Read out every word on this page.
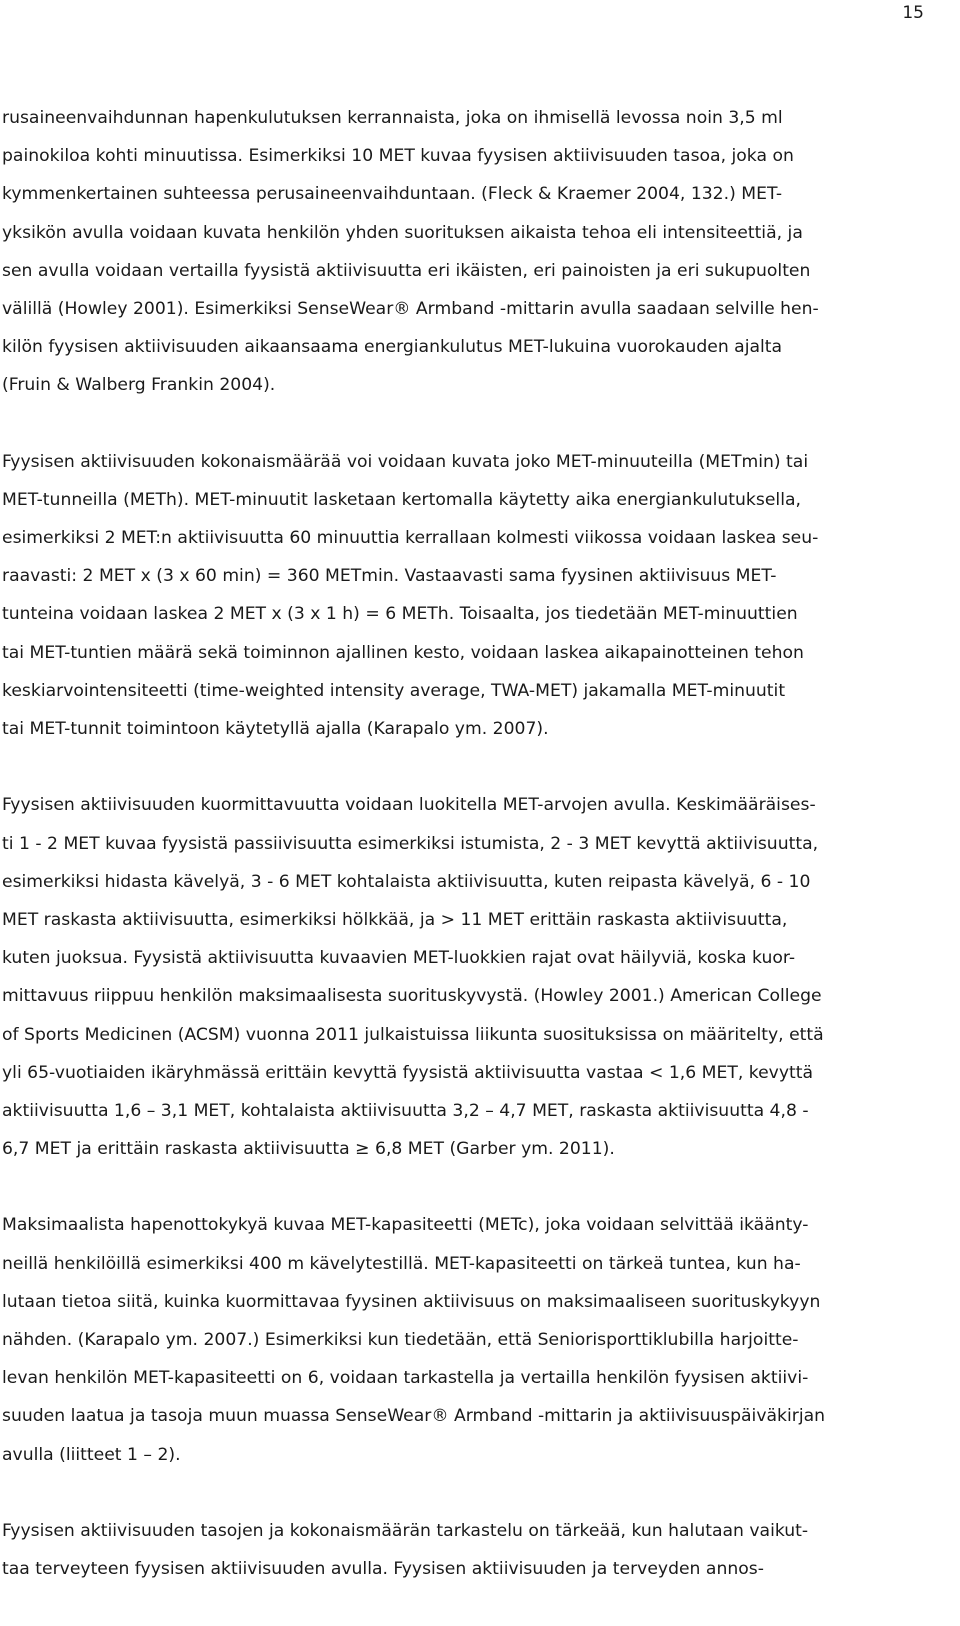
15

rusaineenvaihdunnan hapenkulutuksen kerrannaista, joka on ihmisellä levossa noin 3,5 ml
painokiloa kohti minuutissa. Esimerkiksi 10 MET kuvaa fyysisen aktiivisuuden tasoa, joka on
kymmenkertainen suhteessa perusaineenvaihduntaan. (Fleck & Kraemer 2004, 132.) MET-
yksikön avulla voidaan kuvata henkilön yhden suorituksen aikaista tehoa eli intensiteettiä, ja
sen avulla voidaan vertailla fyysistä aktiivisuutta eri ikäisten, eri painoisten ja eri sukupuolten
välillä (Howley 2001). Esimerkiksi SenseWear® Armband -mittarin avulla saadaan selville hen-
kilön fyysisen aktiivisuuden aikaansaama energiankulutus MET-lukuina vuorokauden ajalta
(Fruin & Walberg Frankin 2004).

Fyysisen aktiivisuuden kokonaismäärää voi voidaan kuvata joko MET-minuuteilla (METmin) tai
MET-tunneilla (METh). MET-minuutit lasketaan kertomalla käytetty aika energiankulutuksella,
esimerkiksi 2 MET:n aktiivisuutta 60 minuuttia kerrallaan kolmesti viikossa voidaan laskea seu-
raavasti: 2 MET x (3 x 60 min) = 360 METmin. Vastaavasti sama fyysinen aktiivisuus MET-
tunteina voidaan laskea 2 MET x (3 x 1 h) = 6 METh. Toisaalta, jos tiedetään MET-minuuttien
tai MET-tuntien määrä sekä toiminnon ajallinen kesto, voidaan laskea aikapainotteinen tehon
keskiarvointensiteetti (time-weighted intensity average, TWA-MET) jakamalla MET-minuutit
tai MET-tunnit toimintoon käytetyllä ajalla (Karapalo ym. 2007).

Fyysisen aktiivisuuden kuormittavuutta voidaan luokitella MET-arvojen avulla. Keskimääräises-
ti 1 - 2 MET kuvaa fyysistä passiivisuutta esimerkiksi istumista, 2 - 3 MET kevyttä aktiivisuutta,
esimerkiksi hidasta kävelyä, 3 - 6 MET kohtalaista aktiivisuutta, kuten reipasta kävelyä, 6 - 10
MET raskasta aktiivisuutta, esimerkiksi hölkkää, ja > 11 MET erittäin raskasta aktiivisuutta,
kuten juoksua. Fyysistä aktiivisuutta kuvaavien MET-luokkien rajat ovat häilyviä, koska kuor-
mittavuus riippuu henkilön maksimaalisesta suorituskyvystä. (Howley 2001.) American College
of Sports Medicinen (ACSM) vuonna 2011 julkaistuissa liikunta suosituksissa on määritelty, että
yli 65-vuotiaiden ikäryhmässä erittäin kevyttä fyysistä aktiivisuutta vastaa < 1,6 MET, kevyttä
aktiivisuutta 1,6 – 3,1 MET, kohtalaista aktiivisuutta 3,2 – 4,7 MET, raskasta aktiivisuutta 4,8 -
6,7 MET ja erittäin raskasta aktiivisuutta ≥ 6,8 MET (Garber ym. 2011).

Maksimaalista hapenottokykyä kuvaa MET-kapasiteetti (METc), joka voidaan selvittää ikäänty-
neillä henkilöillä esimerkiksi 400 m kävelytestillä. MET-kapasiteetti on tärkeä tuntea, kun ha-
lutaan tietoa siitä, kuinka kuormittavaa fyysinen aktiivisuus on maksimaaliseen suorituskykyyn
nähden. (Karapalo ym. 2007.) Esimerkiksi kun tiedetään, että Seniorisporttiklubilla harjoitte-
levan henkilön MET-kapasiteetti on 6, voidaan tarkastella ja vertailla henkilön fyysisen aktiivi-
suuden laatua ja tasoja muun muassa SenseWear® Armband -mittarin ja aktiivisuuspäiväkirjan
avulla (liitteet 1 – 2).

Fyysisen aktiivisuuden tasojen ja kokonaismäärän tarkastelu on tärkeää, kun halutaan vaikut-
taa terveyteen fyysisen aktiivisuuden avulla. Fyysisen aktiivisuuden ja terveyden annos-
